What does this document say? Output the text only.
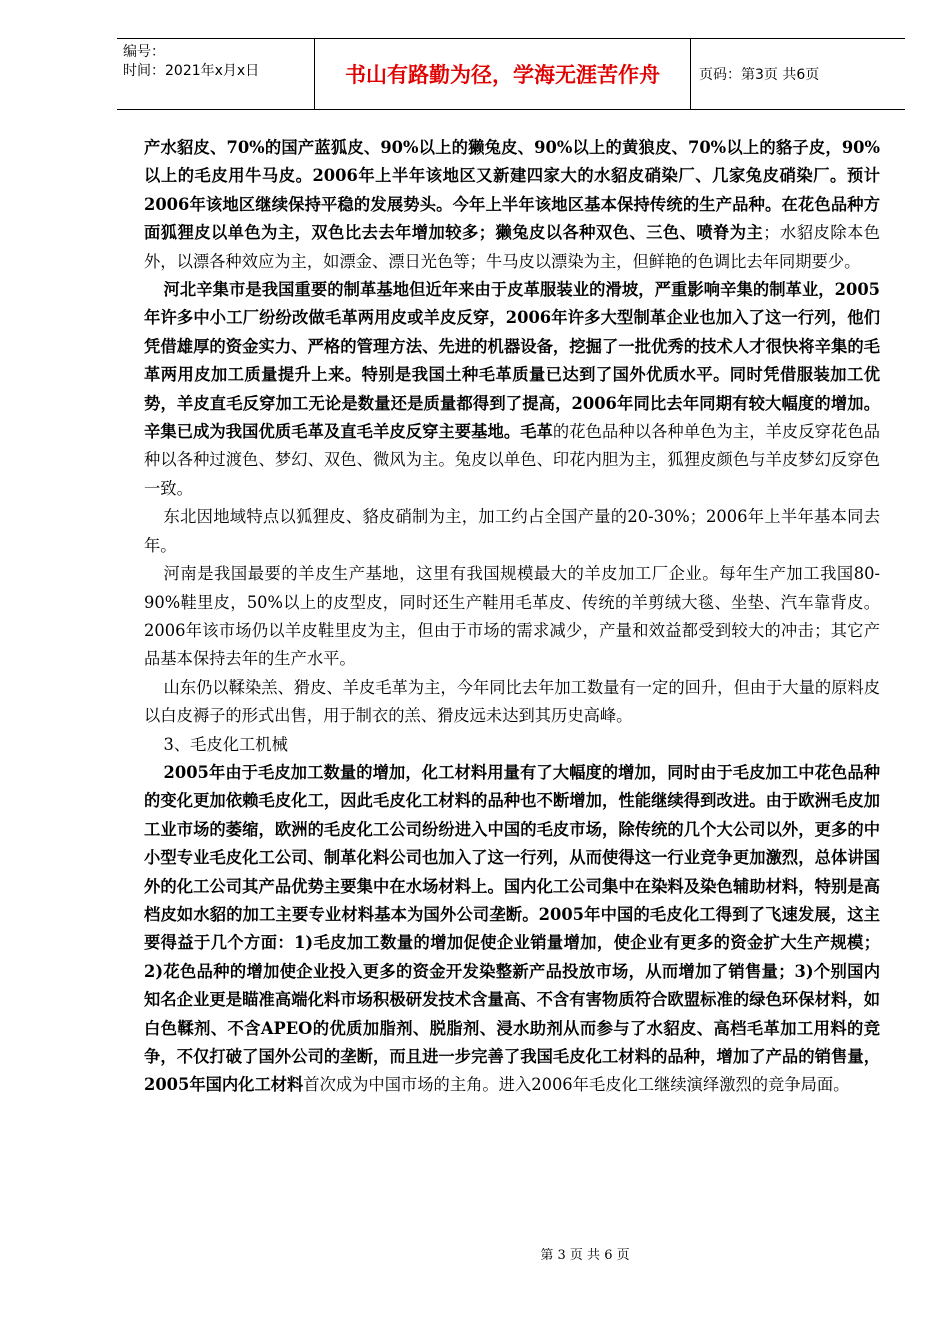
编号：
时间：2021年x月x日	书山有路勤为径，学海无涯苦作舟	页码：第3页 共6页

产水貂皮、70%的国产蓝狐皮、90%以上的獭兔皮、90%以上的黄狼皮、70%以上的貉子皮，90%以上的毛皮用牛马皮。2006年上半年该地区又新建四家大的水貂皮硝染厂、几家兔皮硝染厂。预计2006年该地区继续保持平稳的发展势头。今年上半年该地区基本保持传统的生产品种。在花色品种方面狐狸皮以单色为主，双色比去去年增加较多；獭兔皮以各种双色、三色、喷脊为主；水貂皮除本色外，以漂各种效应为主，如漂金、漂日光色等；牛马皮以漂染为主，但鲜艳的色调比去年同期要少。

河北辛集市是我国重要的制革基地但近年来由于皮革服装业的滑坡，严重影响辛集的制革业，2005年许多中小工厂纷纷改做毛革两用皮或羊皮反穿，2006年许多大型制革企业也加入了这一行列，他们凭借雄厚的资金实力、严格的管理方法、先进的机器设备，挖掘了一批优秀的技术人才很快将辛集的毛革两用皮加工质量提升上来。特别是我国土种毛革质量已达到了国外优质水平。同时凭借服装加工优势，羊皮直毛反穿加工无论是数量还是质量都得到了提高，2006年同比去年同期有较大幅度的增加。辛集已成为我国优质毛革及直毛羊皮反穿主要基地。毛革的花色品种以各种单色为主，羊皮反穿花色品种以各种过渡色、梦幻、双色、微风为主。兔皮以单色、印花内胆为主，狐狸皮颜色与羊皮梦幻反穿色一致。

东北因地域特点以狐狸皮、貉皮硝制为主，加工约占全国产量的20-30%；2006年上半年基本同去年。

河南是我国最要的羊皮生产基地，这里有我国规模最大的羊皮加工厂企业。每年生产加工我国80-90%鞋里皮，50%以上的皮型皮，同时还生产鞋用毛革皮、传统的羊剪绒大毯、坐垫、汽车靠背皮。2006年该市场仍以羊皮鞋里皮为主，但由于市场的需求减少，产量和效益都受到较大的冲击；其它产品基本保持去年的生产水平。

山东仍以鞣染羔、猾皮、羊皮毛革为主，今年同比去年加工数量有一定的回升，但由于大量的原料皮以白皮褥子的形式出售，用于制衣的羔、猾皮远未达到其历史高峰。

3、毛皮化工机械

2005年由于毛皮加工数量的增加，化工材料用量有了大幅度的增加，同时由于毛皮加工中花色品种的变化更加依赖毛皮化工，因此毛皮化工材料的品种也不断增加，性能继续得到改进。由于欧洲毛皮加工业市场的萎缩，欧洲的毛皮化工公司纷纷进入中国的毛皮市场，除传统的几个大公司以外，更多的中小型专业毛皮化工公司、制革化料公司也加入了这一行列，从而使得这一行业竞争更加激烈，总体讲国外的化工公司其产品优势主要集中在水场材料上。国内化工公司集中在染料及染色辅助材料，特别是高档皮如水貂的加工主要专业材料基本为国外公司垄断。2005年中国的毛皮化工得到了飞速发展，这主要得益于几个方面：1)毛皮加工数量的增加促使企业销量增加，使企业有更多的资金扩大生产规模；2)花色品种的增加使企业投入更多的资金开发染整新产品投放市场，从而增加了销售量；3)个别国内知名企业更是瞄准高端化料市场积极研发技术含量高、不含有害物质符合欧盟标准的绿色环保材料，如白色鞣剂、不含APEO的优质加脂剂、脱脂剂、浸水助剂从而参与了水貂皮、高档毛革加工用料的竞争，不仅打破了国外公司的垄断，而且进一步完善了我国毛皮化工材料的品种，增加了产品的销售量，2005年国内化工材料首次成为中国市场的主角。进入2006年毛皮化工继续演绎激烈的竞争局面。

第 3 页 共 6 页
